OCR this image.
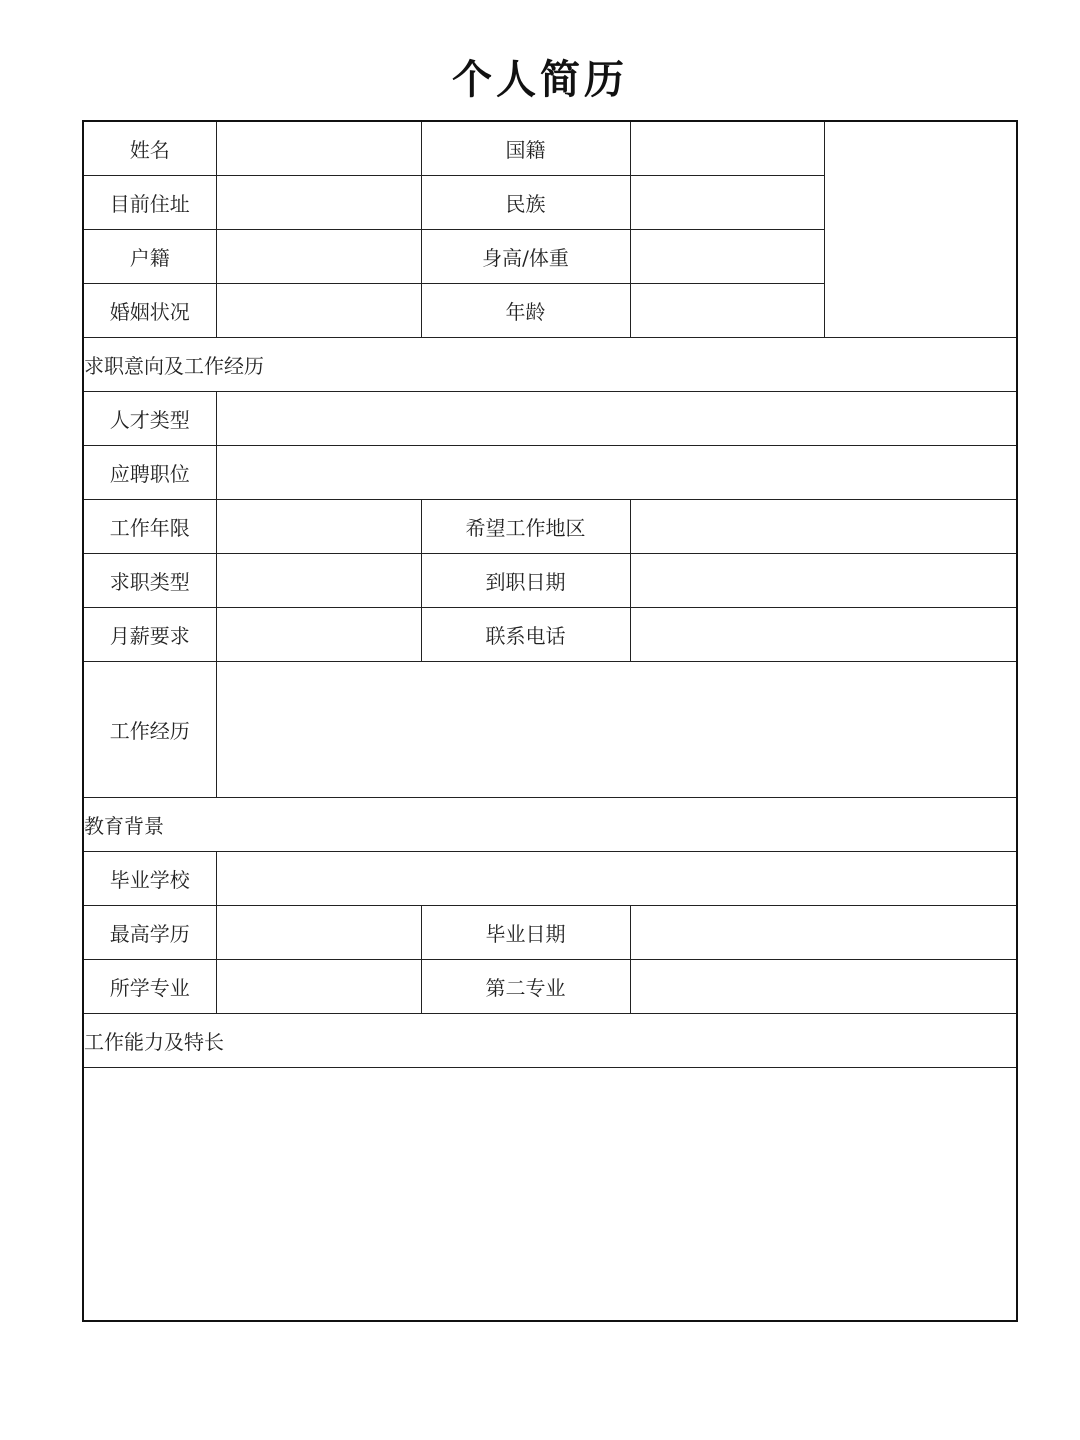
个人简历
姓名		国籍		
目前住址		民族		
户籍		身高/体重		
婚姻状况		年龄		
求职意向及工作经历				
人才类型				
应聘职位				
工作年限		希望工作地区		
求职类型		到职日期		
月薪要求		联系电话		
工作经历				
教育背景				
毕业学校				
最高学历		毕业日期		
所学专业		第二专业		
工作能力及特长				
